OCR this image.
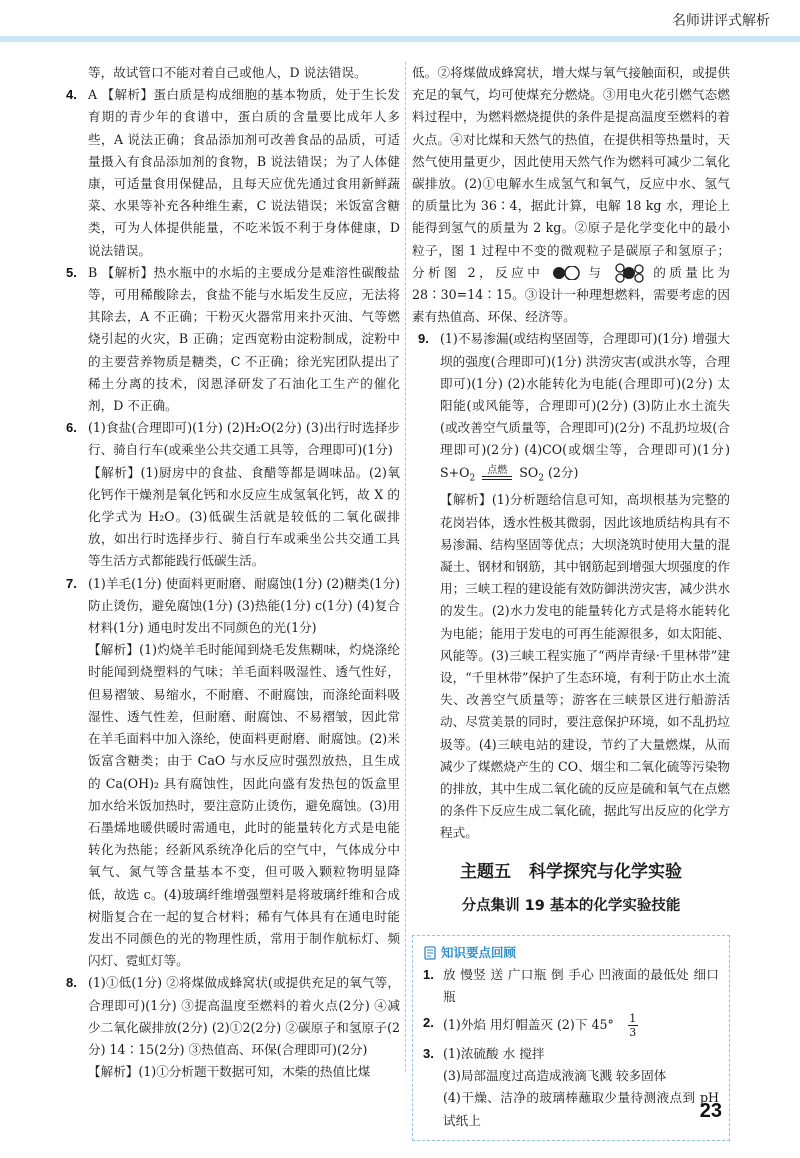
名师讲评式解析

等，故试管口不能对着自己或他人，D 说法错误。

4. A 【解析】蛋白质是构成细胞的基本物质，处于生长发育期的青少年的食谱中，蛋白质的含量要比成年人多些，A 说法正确；食品添加剂可改善食品的品质，可适量摄入有食品添加剂的食物，B 说法错误；为了人体健康，可适量食用保健品，且每天应优先通过食用新鲜蔬菜、水果等补充各种维生素，C 说法错误；米饭富含糖类，可为人体提供能量，不吃米饭不利于身体健康，D 说法错误。

5. B 【解析】热水瓶中的水垢的主要成分是难溶性碳酸盐等，可用稀酸除去，食盐不能与水垢发生反应，无法将其除去，A 不正确；干粉灭火器常用来扑灭油、气等燃烧引起的火灾，B 正确；定西宽粉由淀粉制成，淀粉中的主要营养物质是糖类，C 不正确；徐光宪团队提出了稀土分离的技术，闵恩泽研发了石油化工生产的催化剂，D 不正确。

6. (1)食盐(合理即可)(1分) (2)H₂O(2分) (3)出行时选择步行、骑自行车(或乘坐公共交通工具等，合理即可)(1分)

【解析】(1)厨房中的食盐、食醋等都是调味品。(2)氧化钙作干燥剂是氧化钙和水反应生成氢氧化钙，故 X 的化学式为 H₂O。(3)低碳生活就是较低的二氧化碳排放，如出行时选择步行、骑自行车或乘坐公共交通工具等生活方式都能践行低碳生活。

7. (1)羊毛(1分) 使面料更耐磨、耐腐蚀(1分) (2)糖类(1分) 防止烫伤，避免腐蚀(1分) (3)热能(1分) c(1分) (4)复合材料(1分) 通电时发出不同颜色的光(1分)

【解析】(1)灼烧羊毛时能闻到烧毛发焦糊味，灼烧涤纶时能闻到烧塑料的气味；羊毛面料吸湿性、透气性好，但易褶皱、易缩水，不耐磨、不耐腐蚀，而涤纶面料吸湿性、透气性差，但耐磨、耐腐蚀、不易褶皱，因此常在羊毛面料中加入涤纶，使面料更耐磨、耐腐蚀。(2)米饭富含糖类；由于 CaO 与水反应时强烈放热，且生成的 Ca(OH)₂ 具有腐蚀性，因此向盛有发热包的饭盒里加水给米饭加热时，要注意防止烫伤，避免腐蚀。(3)用石墨烯地暖供暖时需通电，此时的能量转化方式是电能转化为热能；经新风系统净化后的空气中，气体成分中氧气、氮气等含量基本不变，但可吸入颗粒物明显降低，故选 c。(4)玻璃纤维增强塑料是将玻璃纤维和合成树脂复合在一起的复合材料；稀有气体具有在通电时能发出不同颜色的光的物理性质，常用于制作航标灯、频闪灯、霓虹灯等。

8. (1)①低(1分) ②将煤做成蜂窝状(或提供充足的氧气等，合理即可)(1分) ③提高温度至燃料的着火点(2分) ④减少二氧化碳排放(2分) (2)①2(2分) ②碳原子和氢原子(2分) 14∶15(2分) ③热值高、环保(合理即可)(2分)

【解析】(1)①分析题干数据可知，木柴的热值比煤

低。②将煤做成蜂窝状，增大煤与氧气接触面积，或提供充足的氧气，均可使煤充分燃烧。③用电火花引燃气态燃料过程中，为燃料燃烧提供的条件是提高温度至燃料的着火点。④对比煤和天然气的热值，在提供相等热量时，天然气使用量更少，因此使用天然气作为燃料可减少二氧化碳排放。(2)①电解水生成氢气和氧气，反应中水、氢气的质量比为 36∶4，据此计算，电解 18 kg 水，理论上能得到氢气的质量为 2 kg。②原子是化学变化中的最小粒子，图 1 过程中不变的微观粒子是碳原子和氢原子；分析图 2，反应中	与	的质量比为 28∶30=14∶15。③设计一种理想燃料，需要考虑的因素有热值高、环保、经济等。

9. (1)不易渗漏(或结构坚固等，合理即可)(1分) 增强大坝的强度(合理即可)(1分) 洪涝灾害(或洪水等，合理即可)(1分) (2)水能转化为电能(合理即可)(2分) 太阳能(或风能等，合理即可)(2分) (3)防止水土流失(或改善空气质量等，合理即可)(2分) 不乱扔垃圾(合理即可)(2分) (4)CO(或烟尘等，合理即可)(1分) $S+O_2$
点燃 $SO_2$ (2分)

【解析】(1)分析题给信息可知，高坝根基为完整的花岗岩体，透水性极其微弱，因此该地质结构具有不易渗漏、结构坚固等优点；大坝浇筑时使用大量的混凝土、钢材和钢筋，其中钢筋起到增强大坝强度的作用；三峡工程的建设能有效防御洪涝灾害，减少洪水的发生。(2)水力发电的能量转化方式是将水能转化为电能；能用于发电的可再生能源很多，如太阳能、风能等。(3)三峡工程实施了“两岸青绿·千里林带”建设，“千里林带”保护了生态环境，有利于防止水土流失、改善空气质量等；游客在三峡景区进行船游活动、尽赏美景的同时，要注意保护环境，如不乱扔垃圾等。(4)三峡电站的建设，节约了大量燃煤，从而减少了煤燃烧产生的 CO、烟尘和二氧化硫等污染物的排放，其中生成二氧化硫的反应是硫和氧气在点燃的条件下反应生成二氧化硫，据此写出反应的化学方程式。

主题五 科学探究与化学实验
分点集训 19 基本的化学实验技能
知识要点回顾
1. 放 慢竖 送 广口瓶 倒 手心 凹液面的最低处 细口瓶

2. (1)外焰 用灯帽盖灭 (2)下 $45^\circ \frac{1}{3}$

3. (1)浓硫酸 水 搅拌

(3)局部温度过高造成液滴飞溅 较多固体

(4)干燥、洁净的玻璃棒蘸取少量待测液点到 pH 试纸上	23
